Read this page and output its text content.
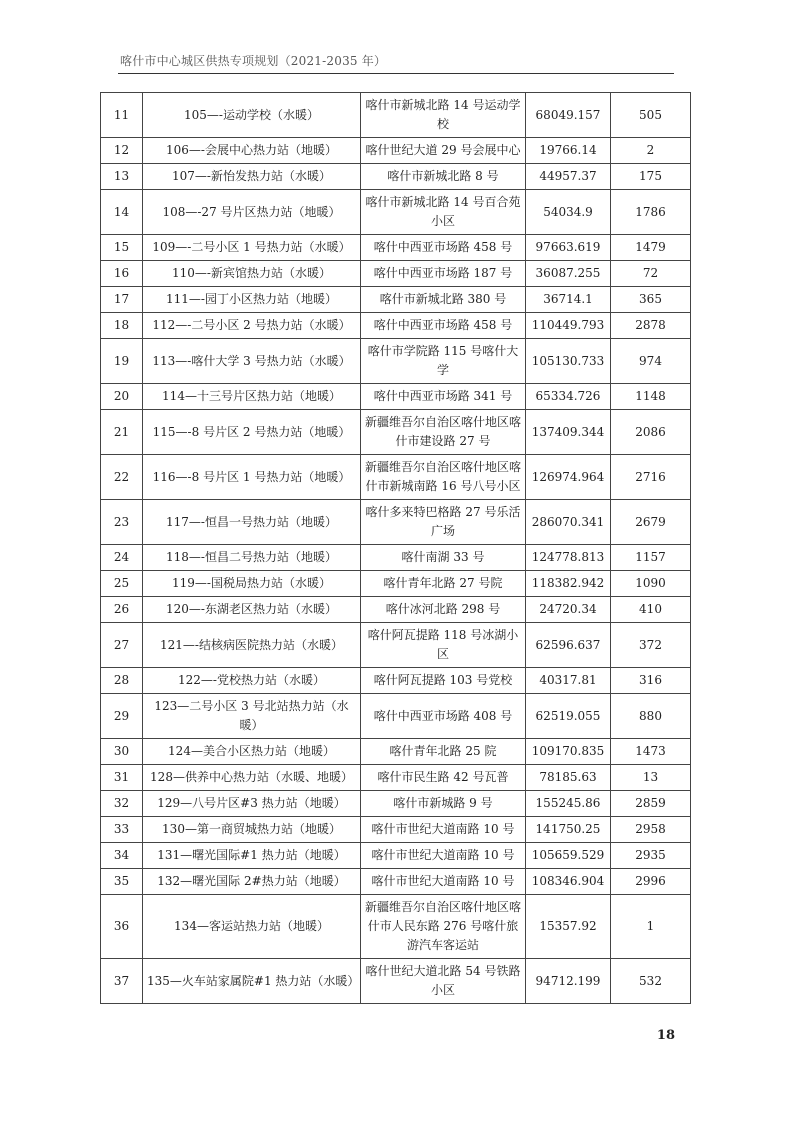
喀什市中心城区供热专项规划（2021-2035 年）
11	105—-运动学校（水暖）	喀什市新城北路 14 号运动学校	68049.157	505
12	106—-会展中心热力站（地暖）	喀什世纪大道 29 号会展中心	19766.14	2
13	107—-新怡发热力站（水暖）	喀什市新城北路 8 号	44957.37	175
14	108—-27 号片区热力站（地暖）	喀什市新城北路 14 号百合苑小区	54034.9	1786
15	109—-二号小区 1 号热力站（水暖）	喀什中西亚市场路 458 号	97663.619	1479
16	110—-新宾馆热力站（水暖）	喀什中西亚市场路 187 号	36087.255	72
17	111—-园丁小区热力站（地暖）	喀什市新城北路 380 号	36714.1	365
18	112—-二号小区 2 号热力站（水暖）	喀什中西亚市场路 458 号	110449.793	2878
19	113—-喀什大学 3 号热力站（水暖）	喀什市学院路 115 号喀什大学	105130.733	974
20	114—十三号片区热力站（地暖）	喀什中西亚市场路 341 号	65334.726	1148
21	115—-8 号片区 2 号热力站（地暖）	新疆维吾尔自治区喀什地区喀什市建设路 27 号	137409.344	2086
22	116—-8 号片区 1 号热力站（地暖）	新疆维吾尔自治区喀什地区喀什市新城南路 16 号八号小区	126974.964	2716
23	117—-恒昌一号热力站（地暖）	喀什多来特巴格路 27 号乐活广场	286070.341	2679
24	118—-恒昌二号热力站（地暖）	喀什南湖 33 号	124778.813	1157
25	119—-国税局热力站（水暖）	喀什青年北路 27 号院	118382.942	1090
26	120—-东湖老区热力站（水暖）	喀什冰河北路 298 号	24720.34	410
27	121—-结核病医院热力站（水暖）	喀什阿瓦提路 118 号冰湖小区	62596.637	372
28	122—-党校热力站（水暖）	喀什阿瓦提路 103 号党校	40317.81	316
29	123—二号小区 3 号北站热力站（水暖）	喀什中西亚市场路 408 号	62519.055	880
30	124—美合小区热力站（地暖）	喀什青年北路 25 院	109170.835	1473
31	128—供养中心热力站（水暖、地暖）	喀什市民生路 42 号瓦普	78185.63	13
32	129—八号片区#3 热力站（地暖）	喀什市新城路 9 号	155245.86	2859
33	130—第一商贸城热力站（地暖）	喀什市世纪大道南路 10 号	141750.25	2958
34	131—曙光国际#1 热力站（地暖）	喀什市世纪大道南路 10 号	105659.529	2935
35	132—曙光国际 2#热力站（地暖）	喀什市世纪大道南路 10 号	108346.904	2996
36	134—客运站热力站（地暖）	新疆维吾尔自治区喀什地区喀什市人民东路 276 号喀什旅游汽车客运站	15357.92	1
37	135—火车站家属院#1 热力站（水暖）	喀什世纪大道北路 54 号铁路小区	94712.199	532
18
